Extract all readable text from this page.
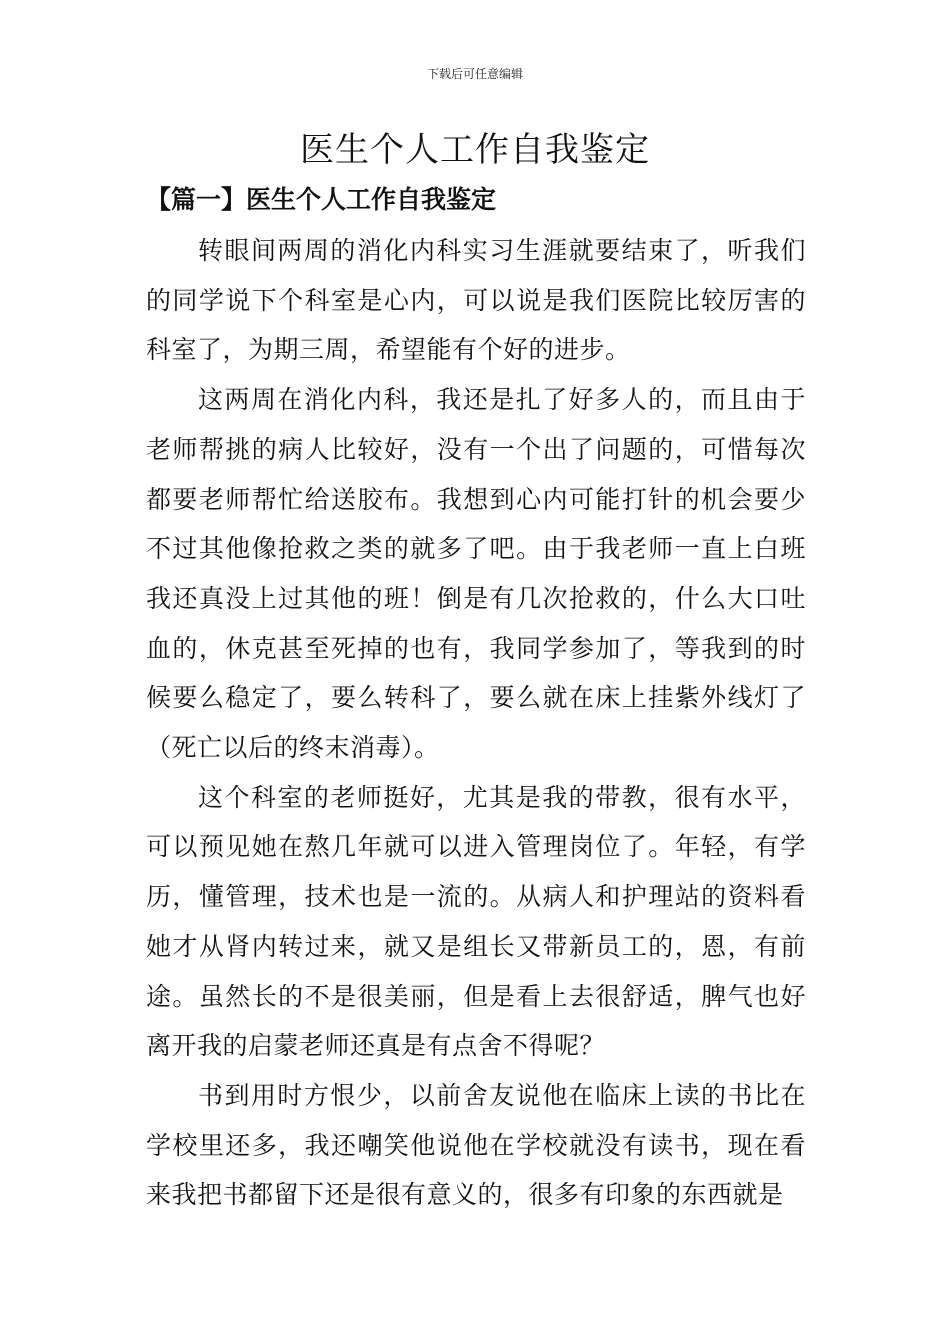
下载后可任意编辑
医生个人工作自我鉴定
【篇一】医生个人工作自我鉴定

转眼间两周的消化内科实习生涯就要结束了，听我们的同学说下个科室是心内，可以说是我们医院比较厉害的科室了，为期三周，希望能有个好的进步。

这两周在消化内科，我还是扎了好多人的，而且由于老师帮挑的病人比较好，没有一个出了问题的，可惜每次都要老师帮忙给送胶布。我想到心内可能打针的机会要少不过其他像抢救之类的就多了吧。由于我老师一直上白班我还真没上过其他的班！倒是有几次抢救的，什么大口吐血的，休克甚至死掉的也有，我同学参加了，等我到的时候要么稳定了，要么转科了，要么就在床上挂紫外线灯了（死亡以后的终末消毒）。

这个科室的老师挺好，尤其是我的带教，很有水平，可以预见她在熬几年就可以进入管理岗位了。年轻，有学历，懂管理，技术也是一流的。从病人和护理站的资料看她才从肾内转过来，就又是组长又带新员工的，恩，有前途。虽然长的不是很美丽，但是看上去很舒适，脾气也好离开我的启蒙老师还真是有点舍不得呢？

书到用时方恨少，以前舍友说他在临床上读的书比在学校里还多，我还嘲笑他说他在学校就没有读书，现在看来我把书都留下还是很有意义的，很多有印象的东西就是
